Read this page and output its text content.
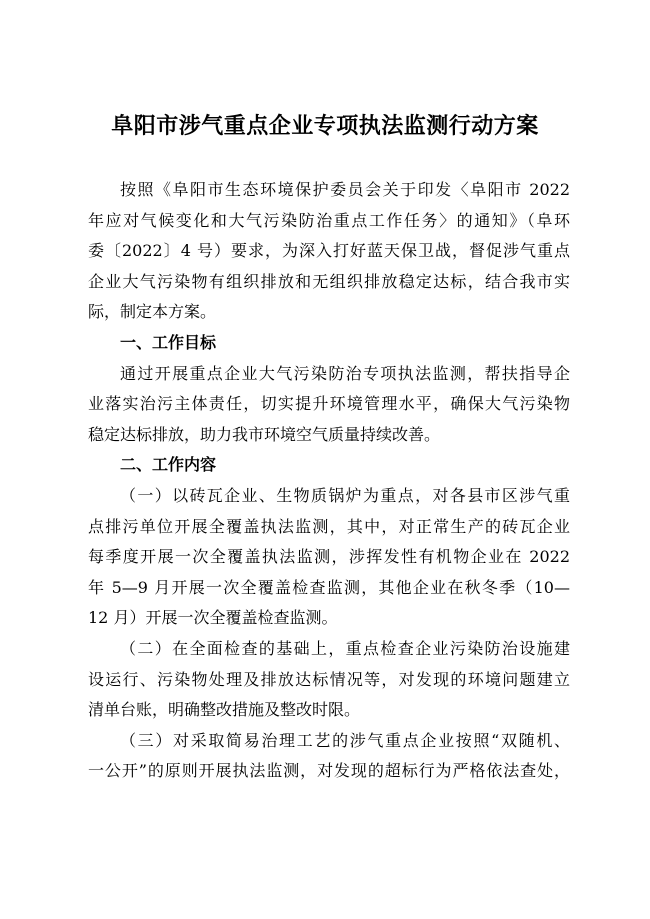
阜阳市涉气重点企业专项执法监测行动方案
按照《阜阳市生态环境保护委员会关于印发〈阜阳市 2022
年应对气候变化和大气污染防治重点工作任务〉的通知》（阜环
委〔2022〕4 号）要求，为深入打好蓝天保卫战，督促涉气重点
企业大气污染物有组织排放和无组织排放稳定达标，结合我市实
际，制定本方案。
一、工作目标
通过开展重点企业大气污染防治专项执法监测，帮扶指导企
业落实治污主体责任，切实提升环境管理水平，确保大气污染物
稳定达标排放，助力我市环境空气质量持续改善。
二、工作内容
（一）以砖瓦企业、生物质锅炉为重点，对各县市区涉气重
点排污单位开展全覆盖执法监测，其中，对正常生产的砖瓦企业
每季度开展一次全覆盖执法监测，涉挥发性有机物企业在 2022
年 5—9 月开展一次全覆盖检查监测，其他企业在秋冬季（10—
12 月）开展一次全覆盖检查监测。
（二）在全面检查的基础上，重点检查企业污染防治设施建
设运行、污染物处理及排放达标情况等，对发现的环境问题建立
清单台账，明确整改措施及整改时限。
（三）对采取简易治理工艺的涉气重点企业按照“双随机、
一公开”的原则开展执法监测，对发现的超标行为严格依法查处，
